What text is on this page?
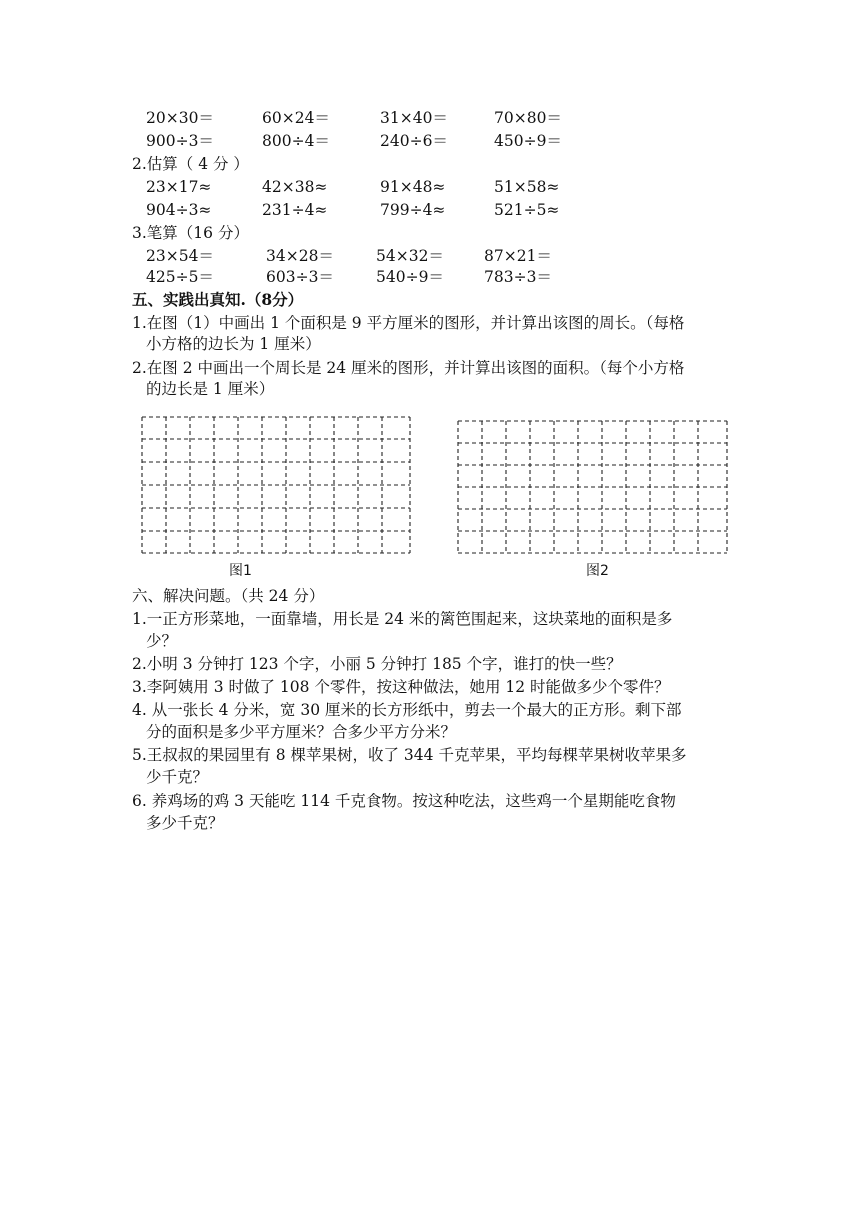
20×30＝	60×24＝	31×40＝	70×80＝
900÷3＝	800÷4＝	240÷6＝	450÷9＝
2.估算（ 4 分 ）
23×17≈	42×38≈	91×48≈	51×58≈
904÷3≈	231÷4≈	799÷4≈	521÷5≈
3.笔算（16 分）
23×54＝	34×28＝	54×32＝	87×21＝
425÷5＝	603÷3＝	540÷9＝	783÷3＝
五、实践出真知.（8分）
1.在图（1）中画出 1 个面积是 9 平方厘米的图形，并计算出该图的周长。（每格
小方格的边长为 1 厘米）
2.在图 2 中画出一个周长是 24 厘米的图形，并计算出该图的面积。（每个小方格
的边长是 1 厘米）
图1	图2
六、解决问题。（共 24 分）
1.一正方形菜地，一面靠墙，用长是 24 米的篱笆围起来，这块菜地的面积是多
少？
2.小明 3 分钟打 123 个字，小丽 5 分钟打 185 个字，谁打的快一些？
3.李阿姨用 3 时做了 108 个零件，按这种做法，她用 12 时能做多少个零件？
4. 从一张长 4 分米，宽 30 厘米的长方形纸中，剪去一个最大的正方形。剩下部
分的面积是多少平方厘米？合多少平方分米？
5.王叔叔的果园里有 8 棵苹果树，收了 344 千克苹果，平均每棵苹果树收苹果多
少千克？
6. 养鸡场的鸡 3 天能吃 114 千克食物。按这种吃法，这些鸡一个星期能吃食物
多少千克？
